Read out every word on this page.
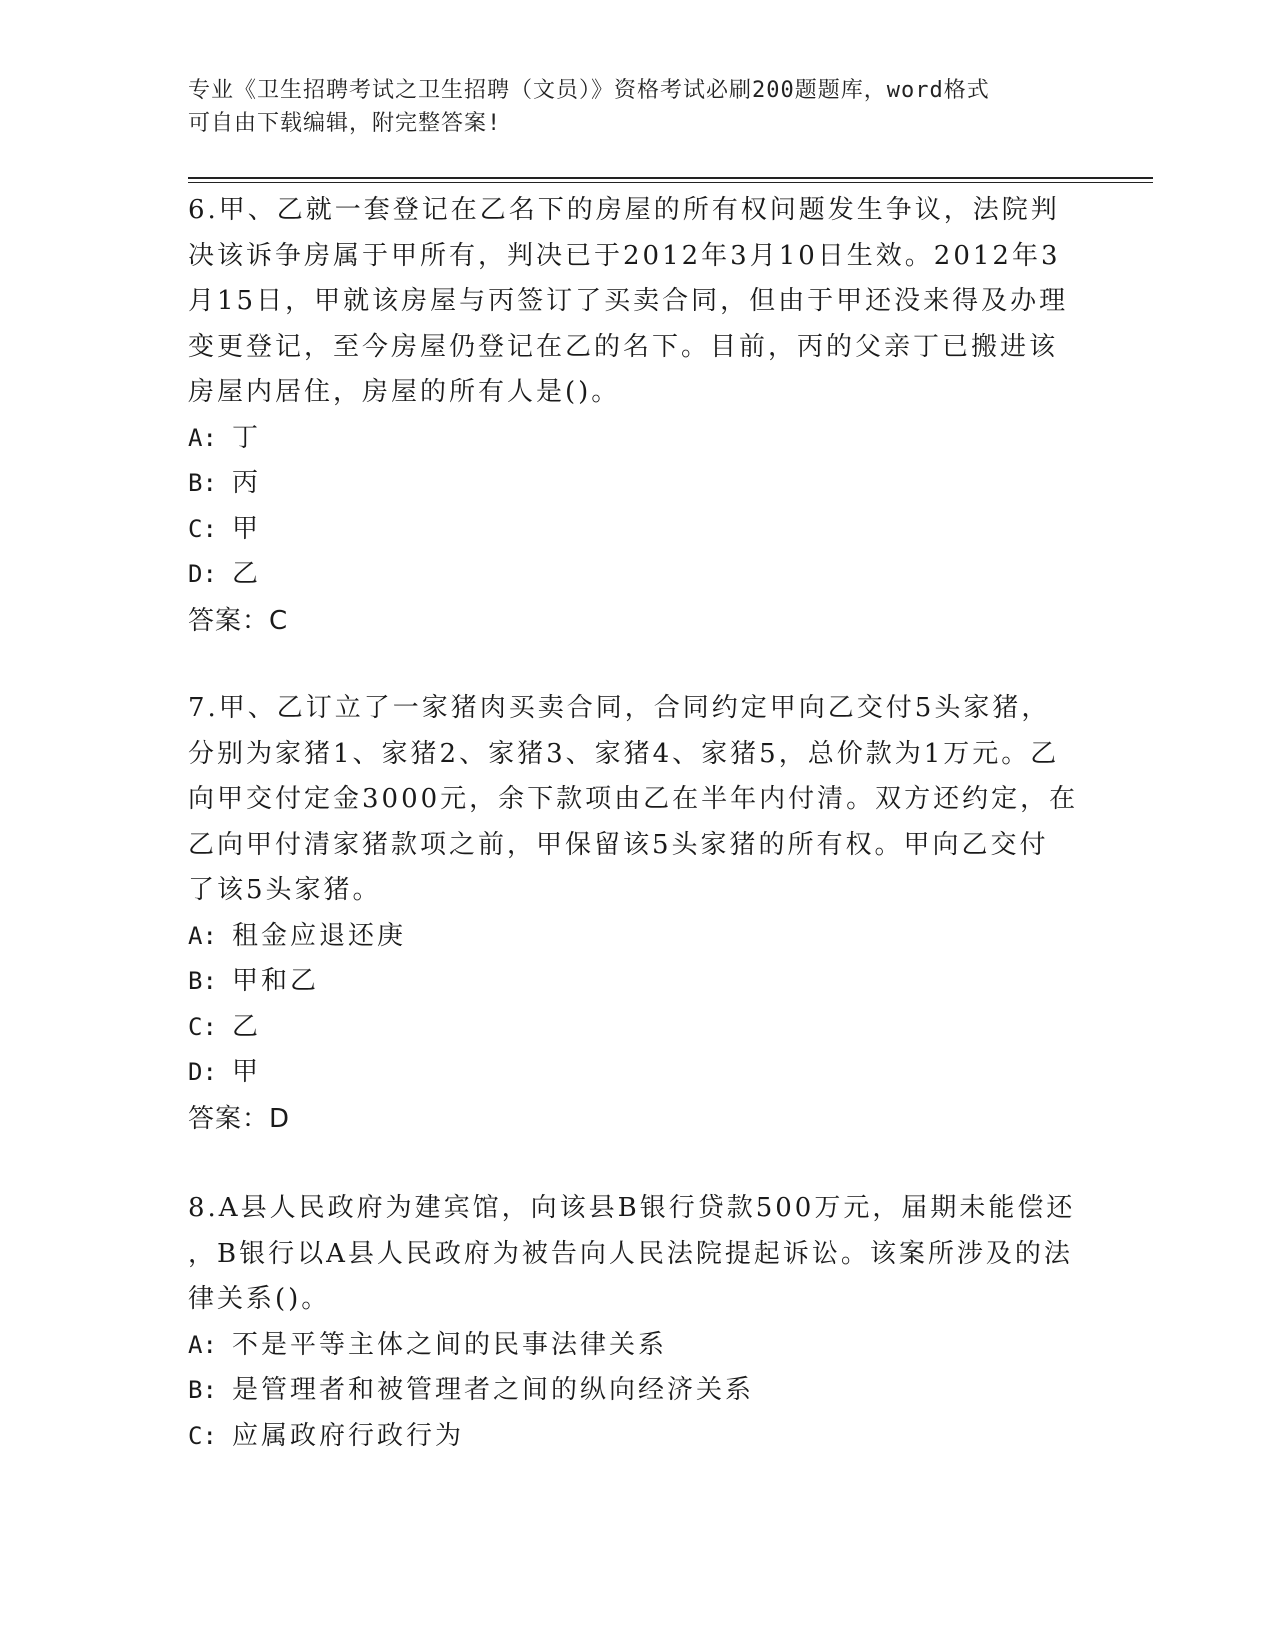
专业《卫生招聘考试之卫生招聘（文员）》资格考试必刷200题题库，word格式
可自由下载编辑，附完整答案!
6.甲、乙就一套登记在乙名下的房屋的所有权问题发生争议，法院判
决该诉争房属于甲所有，判决已于2012年3月10日生效。2012年3
月15日，甲就该房屋与丙签订了买卖合同，但由于甲还没来得及办理
变更登记，至今房屋仍登记在乙的名下。目前，丙的父亲丁已搬进该
房屋内居住，房屋的所有人是()。
A: 丁
B: 丙
C: 甲
D: 乙
答案：C
7.甲、乙订立了一家猪肉买卖合同，合同约定甲向乙交付5头家猪，
分别为家猪1、家猪2、家猪3、家猪4、家猪5，总价款为1万元。乙
向甲交付定金3000元，余下款项由乙在半年内付清。双方还约定，在
乙向甲付清家猪款项之前，甲保留该5头家猪的所有权。甲向乙交付
了该5头家猪。
A: 租金应退还庚
B: 甲和乙
C: 乙
D: 甲
答案：D
8.A县人民政府为建宾馆，向该县B银行贷款500万元，届期未能偿还
，B银行以A县人民政府为被告向人民法院提起诉讼。该案所涉及的法
律关系()。
A: 不是平等主体之间的民事法律关系
B: 是管理者和被管理者之间的纵向经济关系
C: 应属政府行政行为
